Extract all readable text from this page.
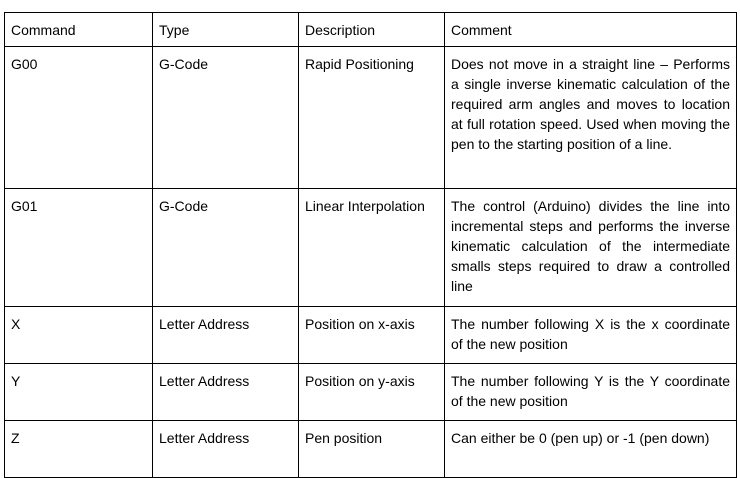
Command	Type	Description	Comment
G00	G-Code	Rapid Positioning	Does not move in a straight line – Performs a single inverse kinematic calculation of the required arm angles and moves to location at full rotation speed. Used when moving the pen to the starting position of a line.
G01	G-Code	Linear Interpolation	The control (Arduino) divides the line into incremental steps and performs the inverse kinematic calculation of the intermediate smalls steps required to draw a controlled line
X	Letter Address	Position on x-axis	The number following X is the x coordinate of the new position
Y	Letter Address	Position on y-axis	The number following Y is the Y coordinate of the new position
Z	Letter Address	Pen position	Can either be 0 (pen up) or -1 (pen down)
